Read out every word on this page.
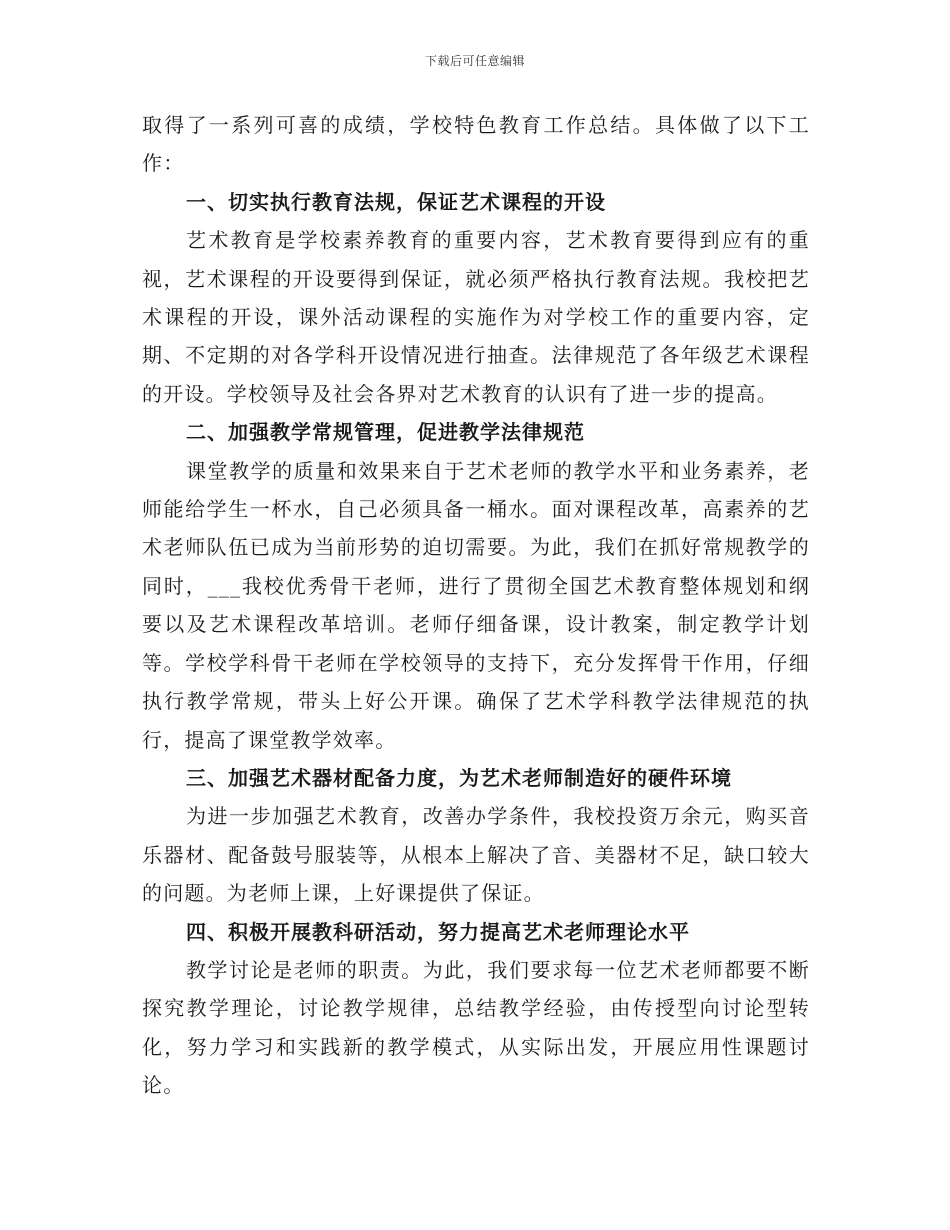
下载后可任意编辑

取得了一系列可喜的成绩，学校特色教育工作总结。具体做了以下工作：

一、切实执行教育法规，保证艺术课程的开设

艺术教育是学校素养教育的重要内容，艺术教育要得到应有的重视，艺术课程的开设要得到保证，就必须严格执行教育法规。我校把艺术课程的开设，课外活动课程的实施作为对学校工作的重要内容，定期、不定期的对各学科开设情况进行抽查。法律规范了各年级艺术课程的开设。学校领导及社会各界对艺术教育的认识有了进一步的提高。

二、加强教学常规管理，促进教学法律规范

课堂教学的质量和效果来自于艺术老师的教学水平和业务素养，老师能给学生一杯水，自己必须具备一桶水。面对课程改革，高素养的艺术老师队伍已成为当前形势的迫切需要。为此，我们在抓好常规教学的同时，___我校优秀骨干老师，进行了贯彻全国艺术教育整体规划和纲要以及艺术课程改革培训。老师仔细备课，设计教案，制定教学计划等。学校学科骨干老师在学校领导的支持下，充分发挥骨干作用，仔细执行教学常规，带头上好公开课。确保了艺术学科教学法律规范的执行，提高了课堂教学效率。

三、加强艺术器材配备力度，为艺术老师制造好的硬件环境

为进一步加强艺术教育，改善办学条件，我校投资万余元，购买音乐器材、配备鼓号服装等，从根本上解决了音、美器材不足，缺口较大的问题。为老师上课，上好课提供了保证。

四、积极开展教科研活动，努力提高艺术老师理论水平

教学讨论是老师的职责。为此，我们要求每一位艺术老师都要不断探究教学理论，讨论教学规律，总结教学经验，由传授型向讨论型转化，努力学习和实践新的教学模式，从实际出发，开展应用性课题讨论。
